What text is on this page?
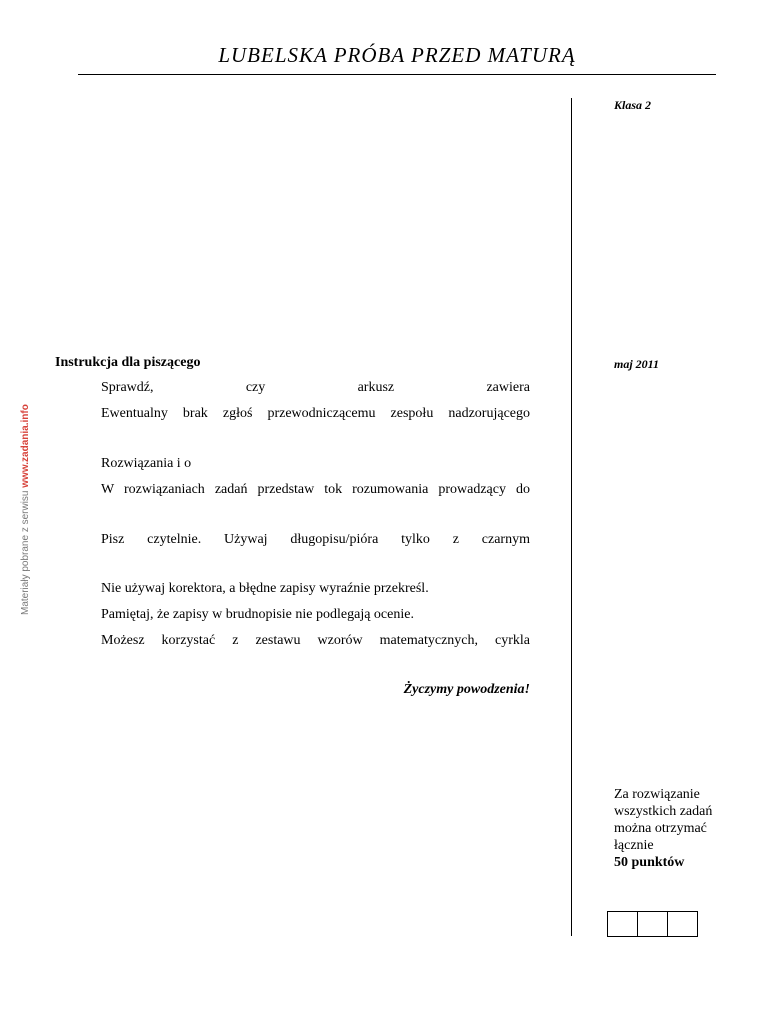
LUBELSKA PRÓBA PRZED MATURĄ
Klasa 2
maj 2011
Materiały pobrane z serwisu www.zadania.info
Instrukcja dla piszącego
Sprawdź, czy arkusz zawiera
Ewentualny brak zgłoś przewodniczącemu zespołu nadzorującego
Rozwiązania i o
W rozwiązaniach zadań przedstaw tok rozumowania prowadzący do
Pisz czytelnie. Używaj długopisu/pióra tylko z czarnym
Nie używaj korektora, a błędne zapisy wyraźnie przekreśl.
Pamiętaj, że zapisy w brudnopisie nie podlegają ocenie.
Możesz korzystać z zestawu wzorów matematycznych, cyrkla
Życzymy powodzenia!
Za rozwiązanie
wszystkich zadań
można otrzymać
łącznie
50 punktów
